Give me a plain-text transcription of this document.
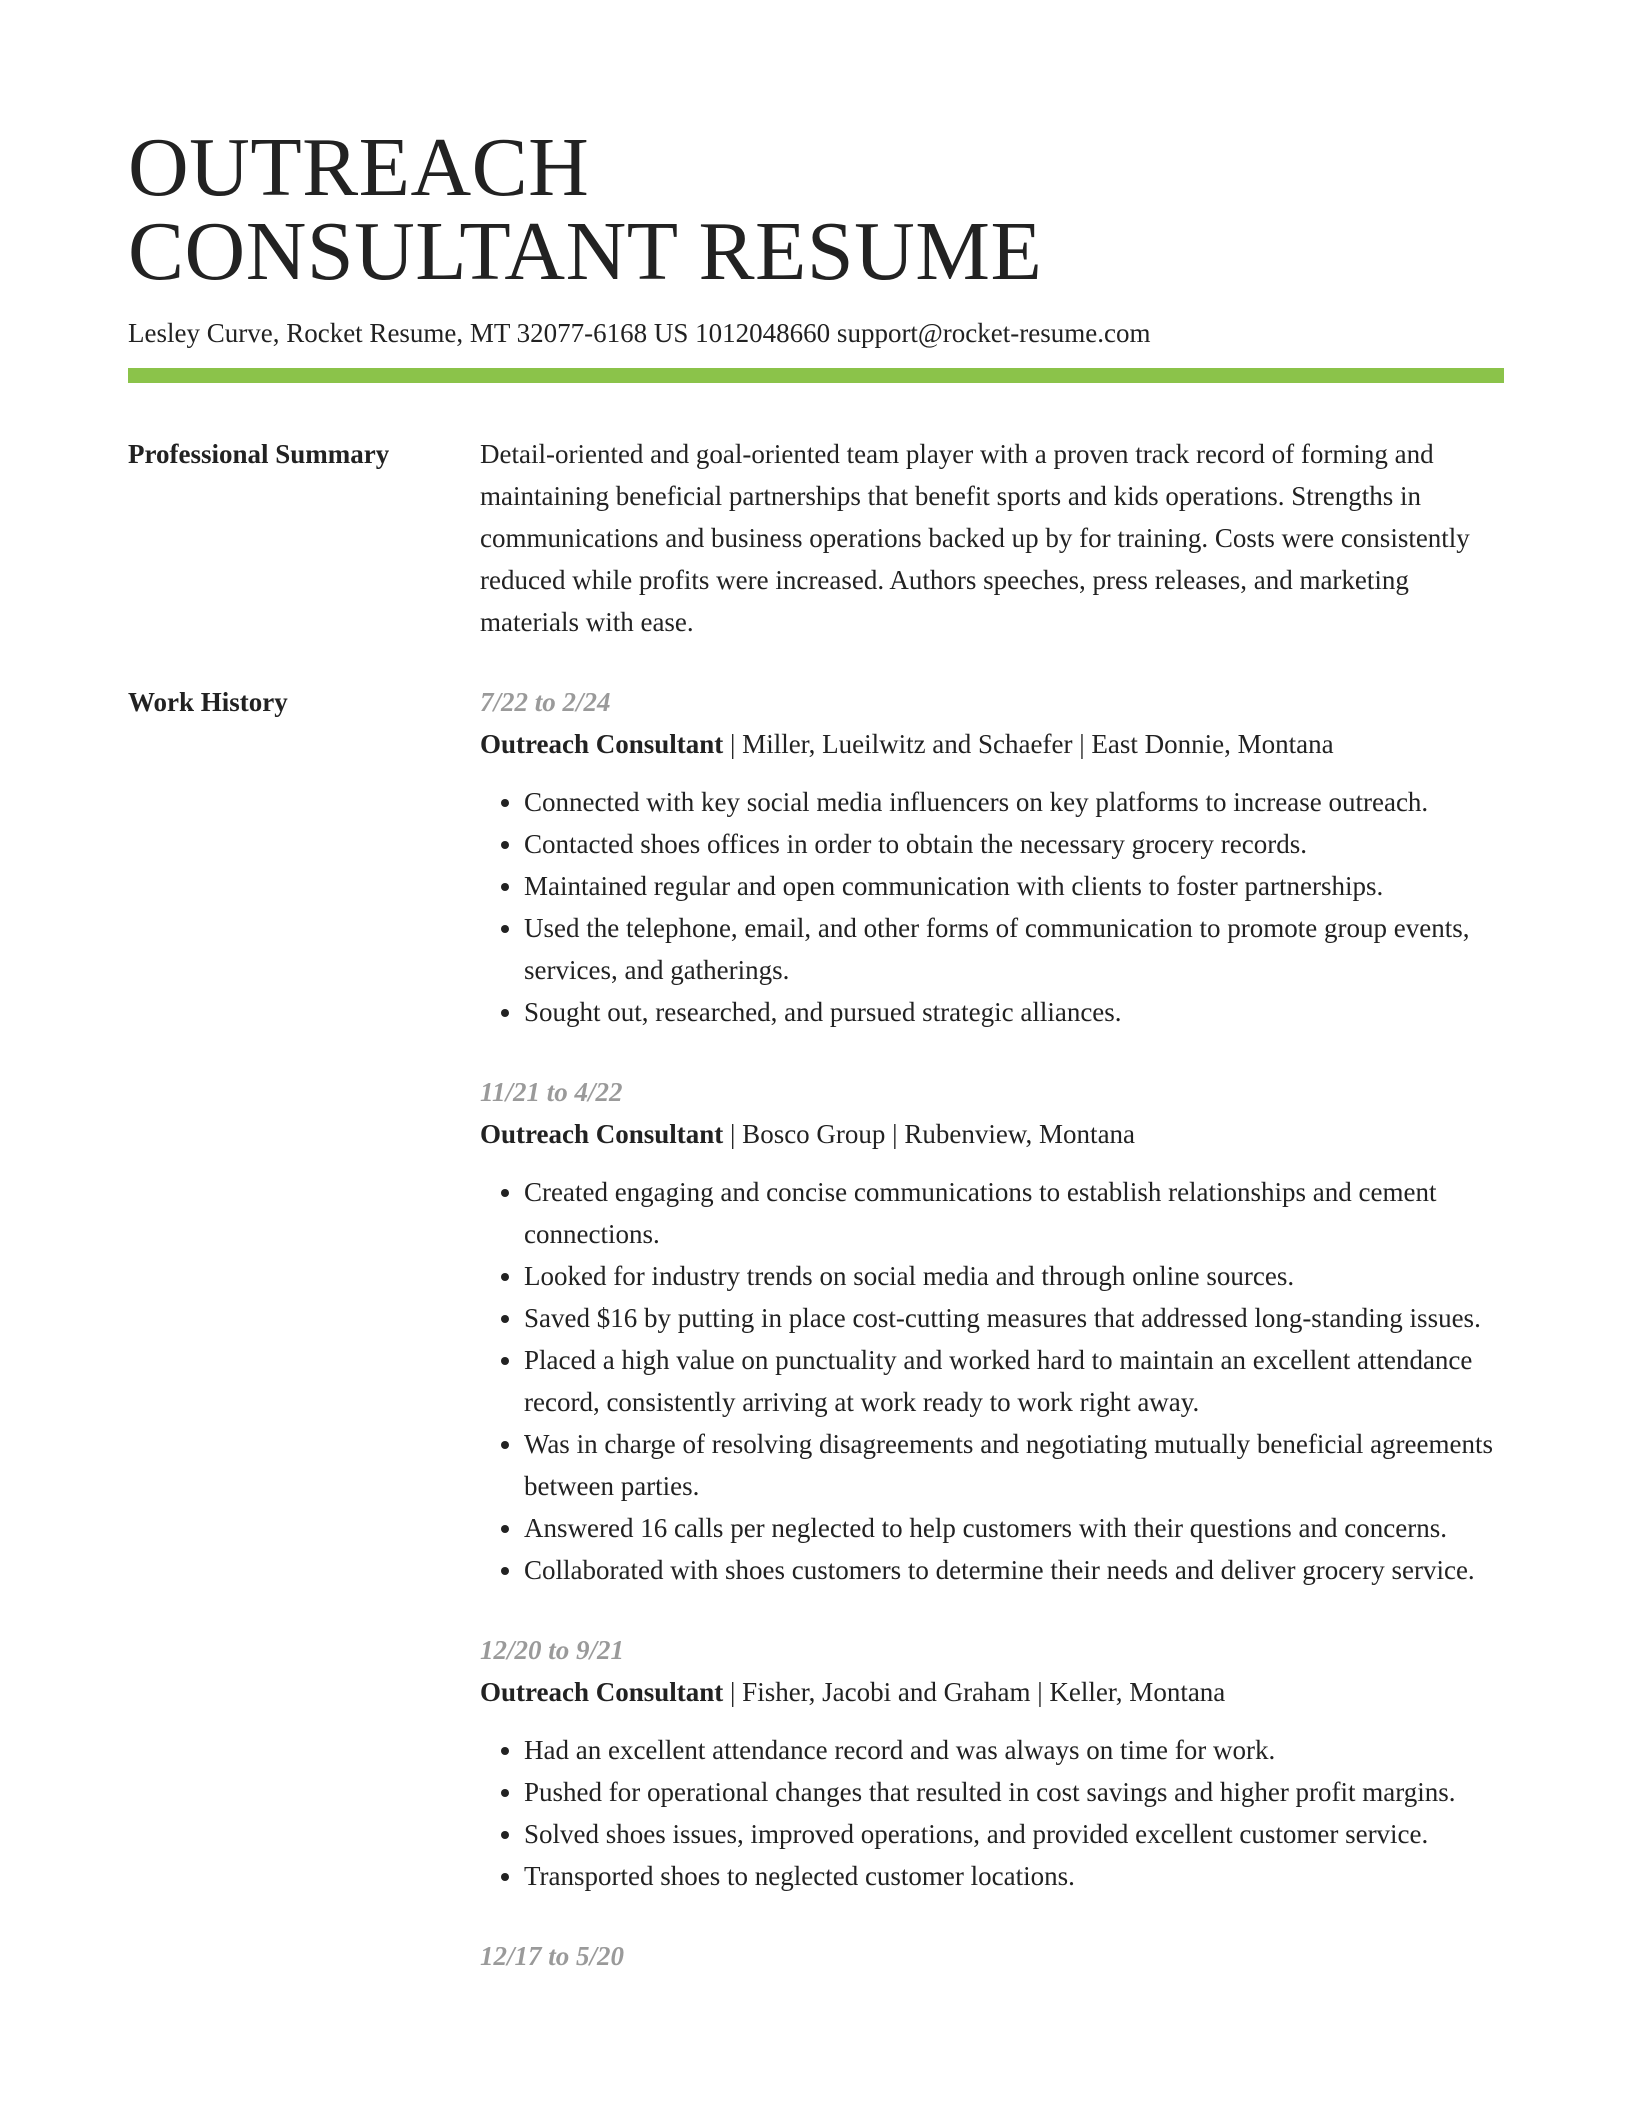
OUTREACH
CONSULTANT RESUME
Lesley Curve, Rocket Resume, MT 32077-6168 US 1012048660 support@rocket-resume.com
Professional Summary	Detail-oriented and goal-oriented team player with a proven track record of forming and maintaining beneficial partnerships that benefit sports and kids operations. Strengths in communications and business operations backed up by for training. Costs were consistently reduced while profits were increased. Authors speeches, press releases, and marketing materials with ease.

Work History	7/22 to 2/24
Outreach Consultant | Miller, Lueilwitz and Schaefer | East Donnie, Montana
• Connected with key social media influencers on key platforms to increase outreach.
• Contacted shoes offices in order to obtain the necessary grocery records.
• Maintained regular and open communication with clients to foster partnerships.
• Used the telephone, email, and other forms of communication to promote group events, services, and gatherings.
• Sought out, researched, and pursued strategic alliances.
11/21 to 4/22
Outreach Consultant | Bosco Group | Rubenview, Montana
• Created engaging and concise communications to establish relationships and cement connections.
• Looked for industry trends on social media and through online sources.
• Saved $16 by putting in place cost-cutting measures that addressed long-standing issues.
• Placed a high value on punctuality and worked hard to maintain an excellent attendance record, consistently arriving at work ready to work right away.
• Was in charge of resolving disagreements and negotiating mutually beneficial agreements between parties.
• Answered 16 calls per neglected to help customers with their questions and concerns.
• Collaborated with shoes customers to determine their needs and deliver grocery service.
12/20 to 9/21
Outreach Consultant | Fisher, Jacobi and Graham | Keller, Montana
• Had an excellent attendance record and was always on time for work.
• Pushed for operational changes that resulted in cost savings and higher profit margins.
• Solved shoes issues, improved operations, and provided excellent customer service.
• Transported shoes to neglected customer locations.
12/17 to 5/20
